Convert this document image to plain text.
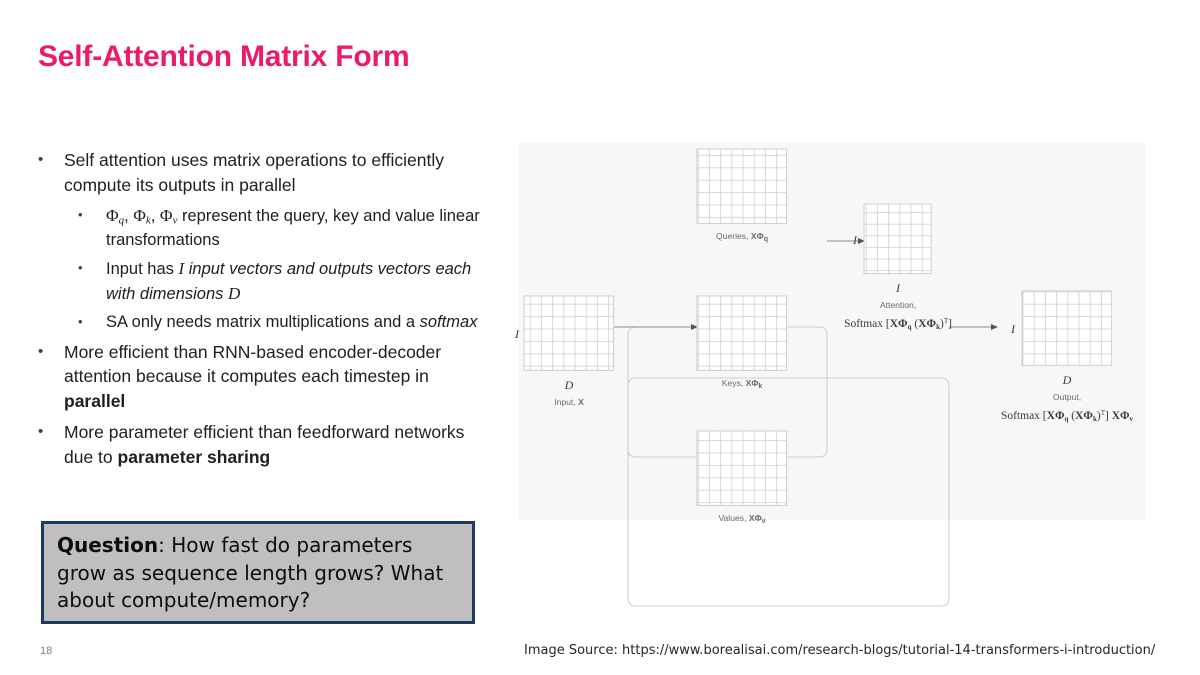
Self-Attention Matrix Form
•	Self attention uses matrix operations to efficiently compute its outputs in parallel
•	$\Phi_q$, $\Phi_k$, $\Phi_v$ represent the query, key and value linear transformations
•	Input has I input vectors and outputs vectors each with dimensions D
•	SA only needs matrix multiplications and a softmax
•	More efficient than RNN-based encoder-decoder attention because it computes each timestep in parallel
•	More parameter efficient than feedforward networks due to parameter sharing
Question: How fast do parameters grow as sequence length grows? What about compute/memory?
18	Image Source: https://www.borealisai.com/research-blogs/tutorial-14-transformers-i-introduction/
I
D
Input, X
Queries, $X\Phi_q$
Keys, $X\Phi_k$
Values, $X\Phi_v$
I
I
Attention,
Softmax [XΦq $(X\Phi k)^T$]	I
D
Output,
Softmax [XΦq $(X\Phi k)^T$] XΦv
